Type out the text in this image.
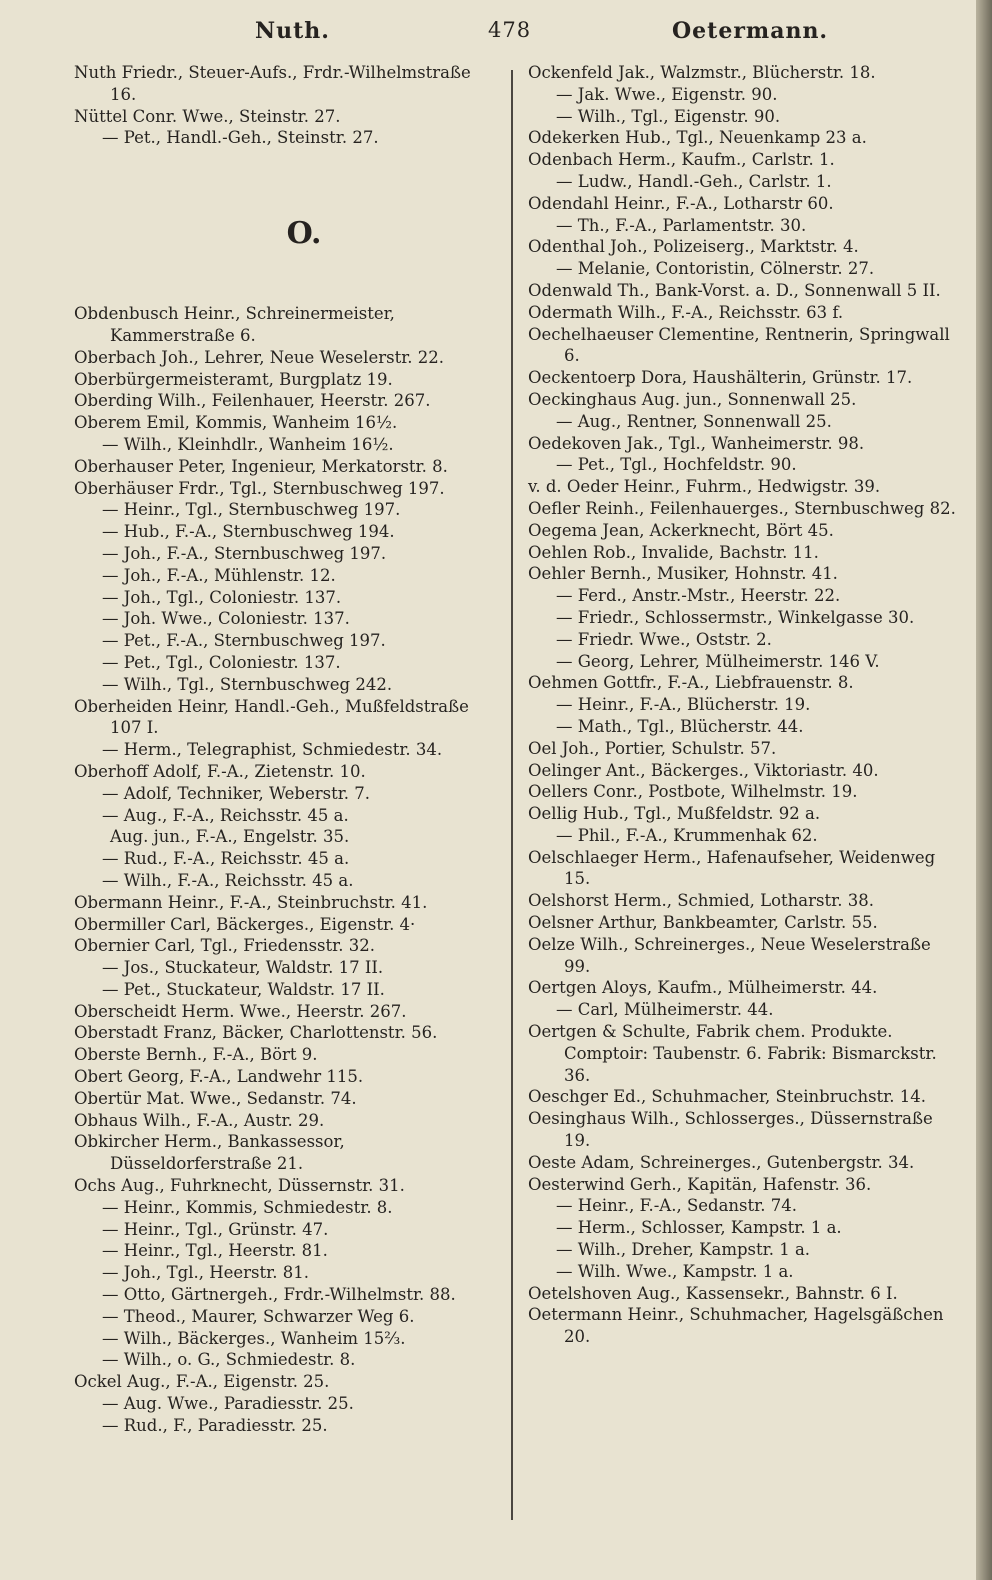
Nuth.	478	Oetermann.

Nuth Friedr., Steuer-Aufs., Frdr.-Wilhelmstraße 16.

Nüttel Conr. Wwe., Steinstr. 27.

— Pet., Handl.-Geh., Steinstr. 27.

O.

Obdenbusch Heinr., Schreinermeister, Kammerstraße 6.

Oberbach Joh., Lehrer, Neue Weselerstr. 22.

Oberbürgermeisteramt, Burgplatz 19.

Oberding Wilh., Feilenhauer, Heerstr. 267.

Oberem Emil, Kommis, Wanheim 16½.

— Wilh., Kleinhdlr., Wanheim 16½.

Oberhauser Peter, Ingenieur, Merkatorstr. 8.

Oberhäuser Frdr., Tgl., Sternbuschweg 197.

— Heinr., Tgl., Sternbuschweg 197.

— Hub., F.-A., Sternbuschweg 194.

— Joh., F.-A., Sternbuschweg 197.

— Joh., F.-A., Mühlenstr. 12.

— Joh., Tgl., Coloniestr. 137.

— Joh. Wwe., Coloniestr. 137.

— Pet., F.-A., Sternbuschweg 197.

— Pet., Tgl., Coloniestr. 137.

— Wilh., Tgl., Sternbuschweg 242.

Oberheiden Heinr, Handl.-Geh., Mußfeldstraße 107 I.

— Herm., Telegraphist, Schmiedestr. 34.

Oberhoff Adolf, F.-A., Zietenstr. 10.

— Adolf, Techniker, Weberstr. 7.

— Aug., F.-A., Reichsstr. 45 a.

Aug. jun., F.-A., Engelstr. 35.

— Rud., F.-A., Reichsstr. 45 a.

— Wilh., F.-A., Reichsstr. 45 a.

Obermann Heinr., F.-A., Steinbruchstr. 41.

Obermiller Carl, Bäckerges., Eigenstr. 4·

Obernier Carl, Tgl., Friedensstr. 32.

— Jos., Stuckateur, Waldstr. 17 II.

— Pet., Stuckateur, Waldstr. 17 II.

Oberscheidt Herm. Wwe., Heerstr. 267.

Oberstadt Franz, Bäcker, Charlottenstr. 56.

Oberste Bernh., F.-A., Bört 9.

Obert Georg, F.-A., Landwehr 115.

Obertür Mat. Wwe., Sedanstr. 74.

Obhaus Wilh., F.-A., Austr. 29.

Obkircher Herm., Bankassessor, Düsseldorferstraße 21.

Ochs Aug., Fuhrknecht, Düssernstr. 31.

— Heinr., Kommis, Schmiedestr. 8.

— Heinr., Tgl., Grünstr. 47.

— Heinr., Tgl., Heerstr. 81.

— Joh., Tgl., Heerstr. 81.

— Otto, Gärtnergeh., Frdr.-Wilhelmstr. 88.

— Theod., Maurer, Schwarzer Weg 6.

— Wilh., Bäckerges., Wanheim 15⅔.

— Wilh., o. G., Schmiedestr. 8.

Ockel Aug., F.-A., Eigenstr. 25.

— Aug. Wwe., Paradiesstr. 25.

— Rud., F., Paradiesstr. 25.

Ockenfeld Jak., Walzmstr., Blücherstr. 18.

— Jak. Wwe., Eigenstr. 90.

— Wilh., Tgl., Eigenstr. 90.

Odekerken Hub., Tgl., Neuenkamp 23 a.

Odenbach Herm., Kaufm., Carlstr. 1.

— Ludw., Handl.-Geh., Carlstr. 1.

Odendahl Heinr., F.-A., Lotharstr 60.

— Th., F.-A., Parlamentstr. 30.

Odenthal Joh., Polizeiserg., Marktstr. 4.

— Melanie, Contoristin, Cölnerstr. 27.

Odenwald Th., Bank-Vorst. a. D., Sonnenwall 5 II.

Odermath Wilh., F.-A., Reichsstr. 63 f.

Oechelhaeuser Clementine, Rentnerin, Springwall 6.

Oeckentoerp Dora, Haushälterin, Grünstr. 17.

Oeckinghaus Aug. jun., Sonnenwall 25.

— Aug., Rentner, Sonnenwall 25.

Oedekoven Jak., Tgl., Wanheimerstr. 98.

— Pet., Tgl., Hochfeldstr. 90.

v. d. Oeder Heinr., Fuhrm., Hedwigstr. 39.

Oefler Reinh., Feilenhauerges., Sternbuschweg 82.

Oegema Jean, Ackerknecht, Bört 45.

Oehlen Rob., Invalide, Bachstr. 11.

Oehler Bernh., Musiker, Hohnstr. 41.

— Ferd., Anstr.-Mstr., Heerstr. 22.

— Friedr., Schlossermstr., Winkelgasse 30.

— Friedr. Wwe., Oststr. 2.

— Georg, Lehrer, Mülheimerstr. 146 V.

Oehmen Gottfr., F.-A., Liebfrauenstr. 8.

— Heinr., F.-A., Blücherstr. 19.

— Math., Tgl., Blücherstr. 44.

Oel Joh., Portier, Schulstr. 57.

Oelinger Ant., Bäckerges., Viktoriastr. 40.

Oellers Conr., Postbote, Wilhelmstr. 19.

Oellig Hub., Tgl., Mußfeldstr. 92 a.

— Phil., F.-A., Krummenhak 62.

Oelschlaeger Herm., Hafenaufseher, Weidenweg 15.

Oelshorst Herm., Schmied, Lotharstr. 38.

Oelsner Arthur, Bankbeamter, Carlstr. 55.

Oelze Wilh., Schreinerges., Neue Weselerstraße 99.

Oertgen Aloys, Kaufm., Mülheimerstr. 44.

— Carl, Mülheimerstr. 44.

Oertgen & Schulte, Fabrik chem. Produkte. Comptoir: Taubenstr. 6. Fabrik: Bismarckstr. 36.

Oeschger Ed., Schuhmacher, Steinbruchstr. 14.

Oesinghaus Wilh., Schlosserges., Düssernstraße 19.

Oeste Adam, Schreinerges., Gutenbergstr. 34.

Oesterwind Gerh., Kapitän, Hafenstr. 36.

— Heinr., F.-A., Sedanstr. 74.

— Herm., Schlosser, Kampstr. 1 a.

— Wilh., Dreher, Kampstr. 1 a.

— Wilh. Wwe., Kampstr. 1 a.

Oetelshoven Aug., Kassensekr., Bahnstr. 6 I.

Oetermann Heinr., Schuhmacher, Hagelsgäßchen 20.
